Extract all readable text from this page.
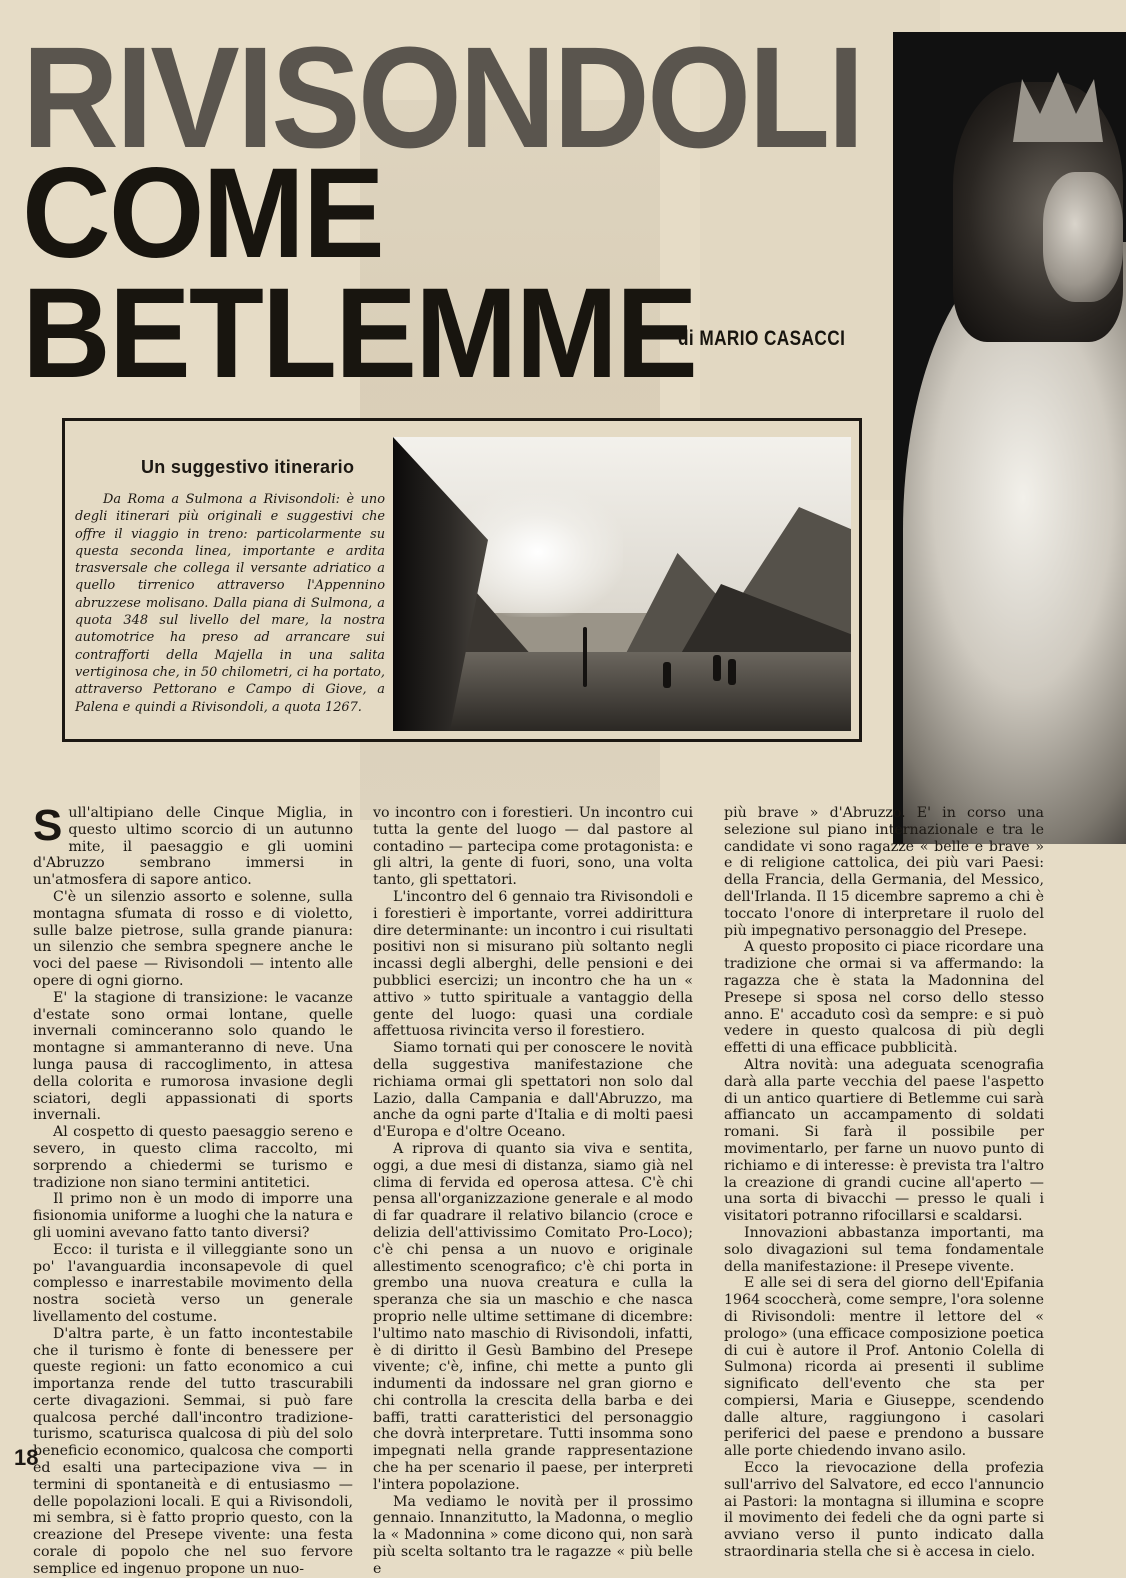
RIVISONDOLI
COME
BETLEMME
di MARIO CASACCI
Un suggestivo itinerario

Da Roma a Sulmona a Rivisondoli: è uno degli itinerari più originali e suggestivi che offre il viaggio in treno: particolarmente su questa seconda linea, importante e ardita trasversale che collega il versante adriatico a quello tirrenico attraverso l'Appennino abruzzese molisano. Dalla piana di Sulmona, a quota 348 sul livello del mare, la nostra automotrice ha preso ad arrancare sui contrafforti della Majella in una salita vertiginosa che, in 50 chilometri, ci ha portato, attraverso Pettorano e Campo di Giove, a Palena e quindi a Rivisondoli, a quota 1267.

Sull'altipiano delle Cinque Miglia, in questo ultimo scorcio di un autunno mite, il paesaggio e gli uomini d'Abruzzo sembrano immersi in un'atmosfera di sapore antico.

C'è un silenzio assorto e solenne, sulla montagna sfumata di rosso e di violetto, sulle balze pietrose, sulla grande pianura: un silenzio che sembra spegnere anche le voci del paese — Rivisondoli — intento alle opere di ogni giorno.

E' la stagione di transizione: le vacanze d'estate sono ormai lontane, quelle invernali cominceranno solo quando le montagne si ammanteranno di neve. Una lunga pausa di raccoglimento, in attesa della colorita e rumorosa invasione degli sciatori, degli appassionati di sports invernali.

Al cospetto di questo paesaggio sereno e severo, in questo clima raccolto, mi sorprendo a chiedermi se turismo e tradizione non siano termini antitetici.

Il primo non è un modo di imporre una fisionomia uniforme a luoghi che la natura e gli uomini avevano fatto tanto diversi?

Ecco: il turista e il villeggiante sono un po' l'avanguardia inconsapevole di quel complesso e inarrestabile movimento della nostra società verso un generale livellamento del costume.

D'altra parte, è un fatto incontestabile che il turismo è fonte di benessere per queste regioni: un fatto economico a cui importanza rende del tutto trascurabili certe divagazioni. Semmai, si può fare qualcosa perché dall'incontro tradizione-turismo, scaturisca qualcosa di più del solo beneficio economico, qualcosa che comporti ed esalti una partecipazione viva — in termini di spontaneità e di entusiasmo — delle popolazioni locali. E qui a Rivisondoli, mi sembra, si è fatto proprio questo, con la creazione del Presepe vivente: una festa corale di popolo che nel suo fervore semplice ed ingenuo propone un nuo-

vo incontro con i forestieri. Un incontro cui tutta la gente del luogo — dal pastore al contadino — partecipa come protagonista: e gli altri, la gente di fuori, sono, una volta tanto, gli spettatori.

L'incontro del 6 gennaio tra Rivisondoli e i forestieri è importante, vorrei addirittura dire determinante: un incontro i cui risultati positivi non si misurano più soltanto negli incassi degli alberghi, delle pensioni e dei pubblici esercizi; un incontro che ha un « attivo » tutto spirituale a vantaggio della gente del luogo: quasi una cordiale affettuosa rivincita verso il forestiero.

Siamo tornati qui per conoscere le novità della suggestiva manifestazione che richiama ormai gli spettatori non solo dal Lazio, dalla Campania e dall'Abruzzo, ma anche da ogni parte d'Italia e di molti paesi d'Europa e d'oltre Oceano.

A riprova di quanto sia viva e sentita, oggi, a due mesi di distanza, siamo già nel clima di fervida ed operosa attesa. C'è chi pensa all'organizzazione generale e al modo di far quadrare il relativo bilancio (croce e delizia dell'attivissimo Comitato Pro-Loco); c'è chi pensa a un nuovo e originale allestimento scenografico; c'è chi porta in grembo una nuova creatura e culla la speranza che sia un maschio e che nasca proprio nelle ultime settimane di dicembre: l'ultimo nato maschio di Rivisondoli, infatti, è di diritto il Gesù Bambino del Presepe vivente; c'è, infine, chi mette a punto gli indumenti da indossare nel gran giorno e chi controlla la crescita della barba e dei baffi, tratti caratteristici del personaggio che dovrà interpretare. Tutti insomma sono impegnati nella grande rappresentazione che ha per scenario il paese, per interpreti l'intera popolazione.

Ma vediamo le novità per il prossimo gennaio. Innanzitutto, la Madonna, o meglio la « Madonnina » come dicono qui, non sarà più scelta soltanto tra le ragazze « più belle e

più brave » d'Abruzzo. E' in corso una selezione sul piano internazionale e tra le candidate vi sono ragazze « belle e brave » e di religione cattolica, dei più vari Paesi: della Francia, della Germania, del Messico, dell'Irlanda. Il 15 dicembre sapremo a chi è toccato l'onore di interpretare il ruolo del più impegnativo personaggio del Presepe.

A questo proposito ci piace ricordare una tradizione che ormai si va affermando: la ragazza che è stata la Madonnina del Presepe si sposa nel corso dello stesso anno. E' accaduto così da sempre: e si può vedere in questo qualcosa di più degli effetti di una efficace pubblicità.

Altra novità: una adeguata scenografia darà alla parte vecchia del paese l'aspetto di un antico quartiere di Betlemme cui sarà affiancato un accampamento di soldati romani. Si farà il possibile per movimentarlo, per farne un nuovo punto di richiamo e di interesse: è prevista tra l'altro la creazione di grandi cucine all'aperto — una sorta di bivacchi — presso le quali i visitatori potranno rifocillarsi e scaldarsi.

Innovazioni abbastanza importanti, ma solo divagazioni sul tema fondamentale della manifestazione: il Presepe vivente.

E alle sei di sera del giorno dell'Epifania 1964 scoccherà, come sempre, l'ora solenne di Rivisondoli: mentre il lettore del « prologo» (una efficace composizione poetica di cui è autore il Prof. Antonio Colella di Sulmona) ricorda ai presenti il sublime significato dell'evento che sta per compiersi, Maria e Giuseppe, scendendo dalle alture, raggiungono i casolari periferici del paese e prendono a bussare alle porte chiedendo invano asilo.

Ecco la rievocazione della profezia sull'arrivo del Salvatore, ed ecco l'annuncio ai Pastori: la montagna si illumina e scopre il movimento dei fedeli che da ogni parte si avviano verso il punto indicato dalla straordinaria stella che si è accesa in cielo.

18
